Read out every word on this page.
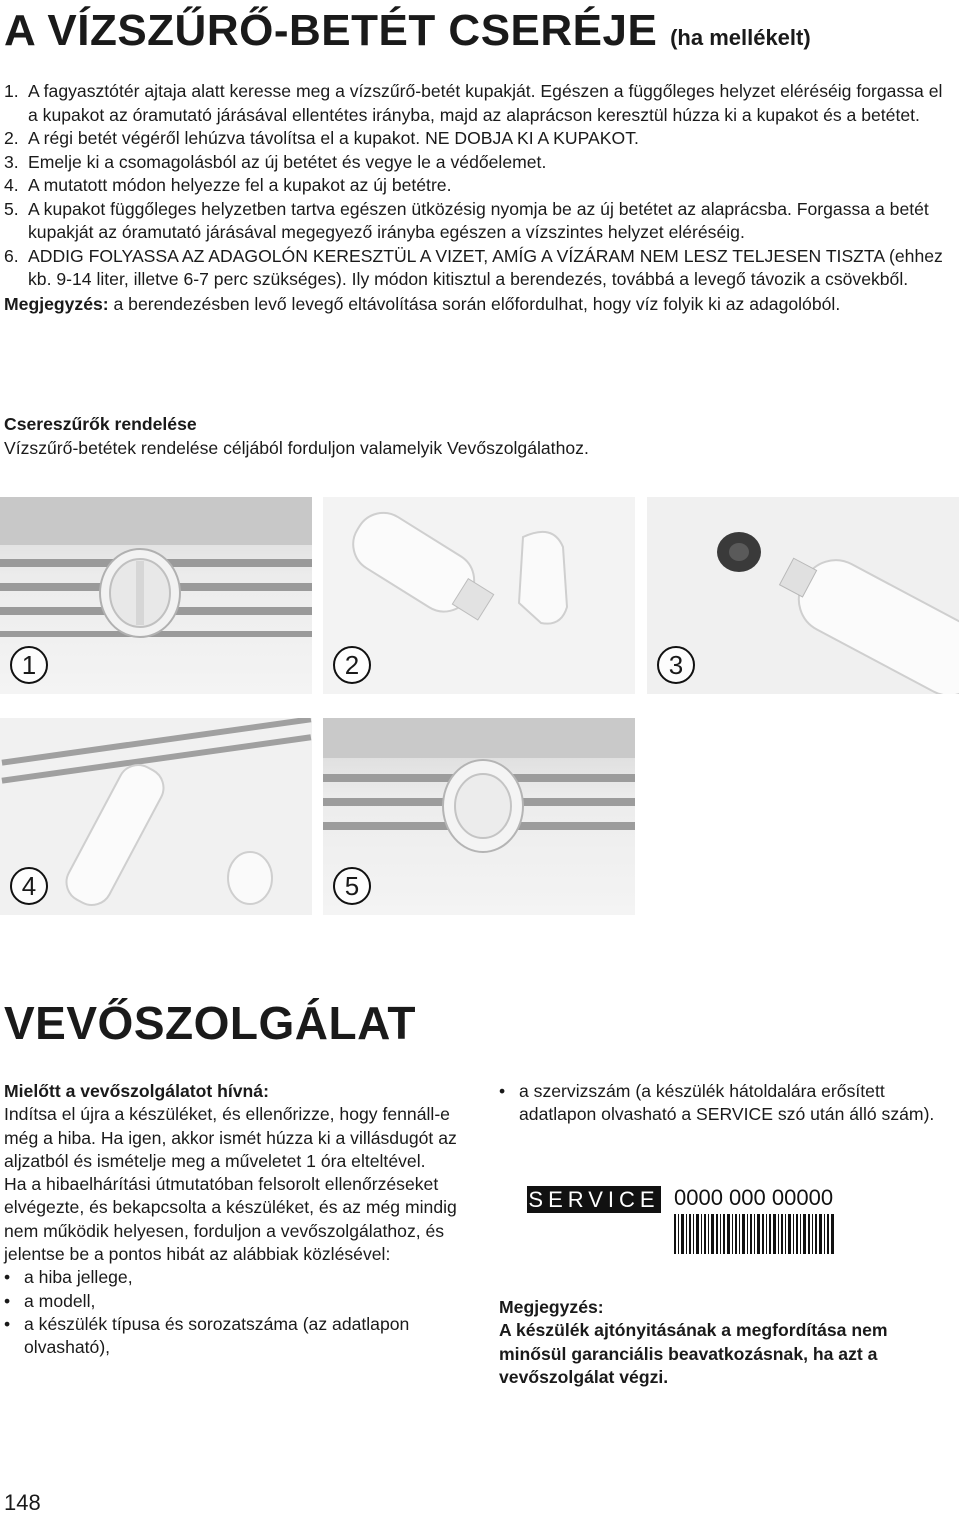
A VÍZSZŰRŐ-BETÉT CSERÉJE (ha mellékelt)
1. A fagyasztótér ajtaja alatt keresse meg a vízszűrő-betét kupakját. Egészen a függőleges helyzet eléréséig forgassa el a kupakot az óramutató járásával ellentétes irányba, majd az alaprácson keresztül húzza ki a kupakot és a betétet.
2. A régi betét végéről lehúzva távolítsa el a kupakot. NE DOBJA KI A KUPAKOT.
3. Emelje ki a csomagolásból az új betétet és vegye le a védőelemet.
4. A mutatott módon helyezze fel a kupakot az új betétre.
5. A kupakot függőleges helyzetben tartva egészen ütközésig nyomja be az új betétet az alaprácsba. Forgassa a betét kupakját az óramutató járásával megegyező irányba egészen a vízszintes helyzet eléréséig.
6. ADDIG FOLYASSA AZ ADAGOLÓN KERESZTÜL A VIZET, AMÍG A VÍZÁRAM NEM LESZ TELJESEN TISZTA (ehhez kb. 9-14 liter, illetve 6-7 perc szükséges). Ily módon kitisztul a berendezés, továbbá a levegő távozik a csövekből.
Megjegyzés: a berendezésben levő levegő eltávolítása során előfordulhat, hogy víz folyik ki az adagolóból.
Csereszűrők rendelése
Vízszűrő-betétek rendelése céljából forduljon valamelyik Vevőszolgálathoz.
1	2	3
4	5
VEVŐSZOLGÁLAT
Mielőtt a vevőszolgálatot hívná:
Indítsa el újra a készüléket, és ellenőrizze, hogy fennáll-e még a hiba. Ha igen, akkor ismét húzza ki a villásdugót az aljzatból és ismételje meg a műveletet 1 óra elteltével.
Ha a hibaelhárítási útmutatóban felsorolt ellenőrzéseket elvégezte, és bekapcsolta a készüléket, és az még mindig nem működik helyesen, forduljon a vevőszolgálathoz, és jelentse be a pontos hibát az alábbiak közlésével:
• a hiba jellege,
• a modell,
• a készülék típusa és sorozatszáma (az adatlapon olvasható),
• a szervizszám (a készülék hátoldalára erősített adatlapon olvasható a SERVICE szó után álló szám).
SERVICE 0000 000 00000
Megjegyzés:
A készülék ajtónyitásának a megfordítása nem minősül garanciális beavatkozásnak, ha azt a vevőszolgálat végzi.
148
